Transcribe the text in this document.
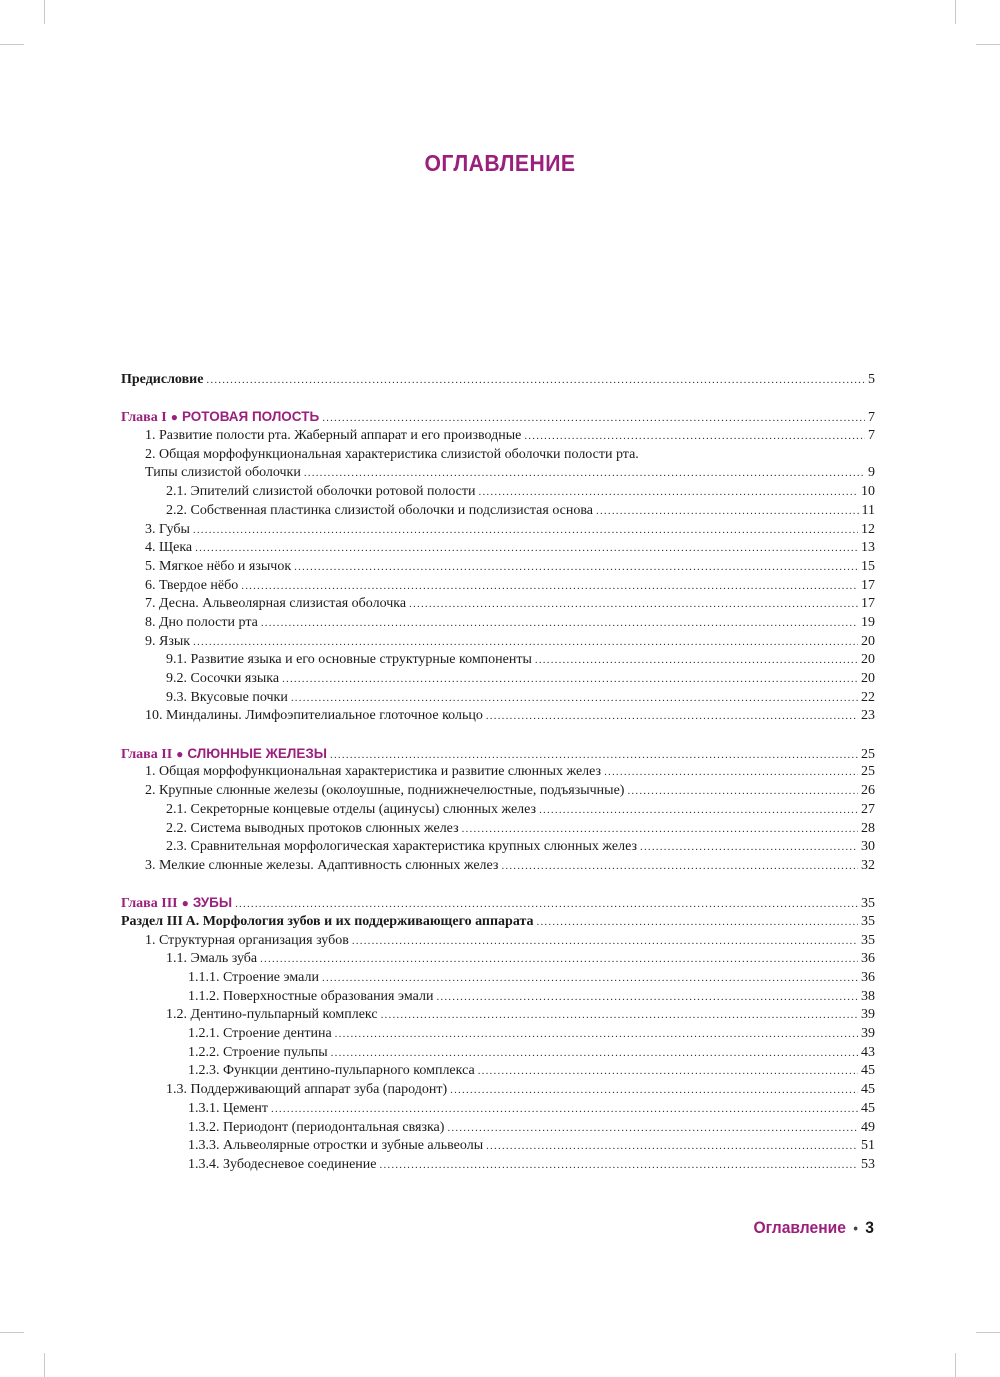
ОГЛАВЛЕНИЕ
Предисловие .....	5
Глава I ● РОТОВАЯ ПОЛОСТЬ .....	7
1. Развитие полости рта. Жаберный аппарат и его производные .....	7
2. Общая морфофункциональная характеристика слизистой оболочки полости рта.
Типы слизистой оболочки .....	9
2.1. Эпителий слизистой оболочки ротовой полости .....	10
2.2. Собственная пластинка слизистой оболочки и подслизистая основа .....	11
3. Губы .....	12
4. Щека .....	13
5. Мягкое нёбо и язычок .....	15
6. Твердое нёбо .....	17
7. Десна. Альвеолярная слизистая оболочка .....	17
8. Дно полости рта .....	19
9. Язык .....	20
9.1. Развитие языка и его основные структурные компоненты .....	20
9.2. Сосочки языка .....	20
9.3. Вкусовые почки .....	22
10. Миндалины. Лимфоэпителиальное глоточное кольцо .....	23
Глава II ● СЛЮННЫЕ ЖЕЛЕЗЫ .....	25
1. Общая морфофункциональная характеристика и развитие слюнных желез .....	25
2. Крупные слюнные железы (околоушные, поднижнечелюстные, подъязычные) .....	26
2.1. Секреторные концевые отделы (ацинусы) слюнных желез .....	27
2.2. Система выводных протоков слюнных желез .....	28
2.3. Сравнительная морфологическая характеристика крупных слюнных желез .....	30
3. Мелкие слюнные железы. Адаптивность слюнных желез .....	32
Глава III ● ЗУБЫ .....	35
Раздел III A. Морфология зубов и их поддерживающего аппарата .....	35
1. Структурная организация зубов .....	35
1.1. Эмаль зуба .....	36
1.1.1. Строение эмали .....	36
1.1.2. Поверхностные образования эмали .....	38
1.2. Дентино-пульпарный комплекс .....	39
1.2.1. Строение дентина .....	39
1.2.2. Строение пульпы .....	43
1.2.3. Функции дентино-пульпарного комплекса .....	45
1.3. Поддерживающий аппарат зуба (пародонт) .....	45
1.3.1. Цемент .....	45
1.3.2. Периодонт (периодонтальная связка) .....	49
1.3.3. Альвеолярные отростки и зубные альвеолы .....	51
1.3.4. Зубодесневое соединение .....	53
Оглавление • 3
